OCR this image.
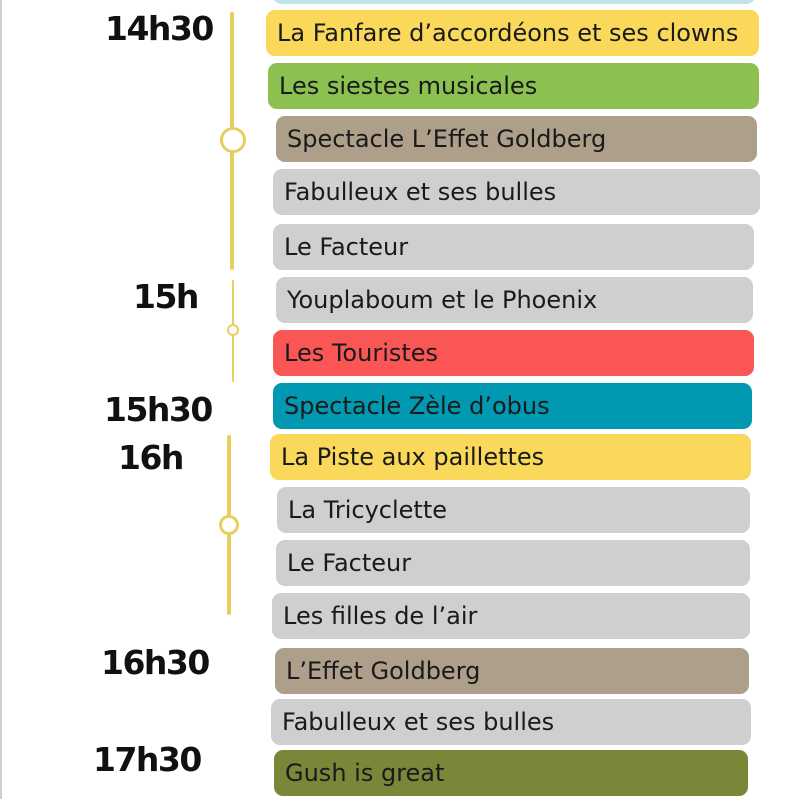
14h30
15h
15h30
16h
16h30
17h30
La Fanfare d’accordéons et ses clowns
Les siestes musicales
Spectacle L’Effet Goldberg
Fabulleux et ses bulles
Le Facteur
Youplaboum et le Phoenix
Les Touristes
Spectacle Zèle d’obus
La Piste aux paillettes
La Tricyclette
Le Facteur
Les filles de l’air
L’Effet Goldberg
Fabulleux et ses bulles
Gush is great
